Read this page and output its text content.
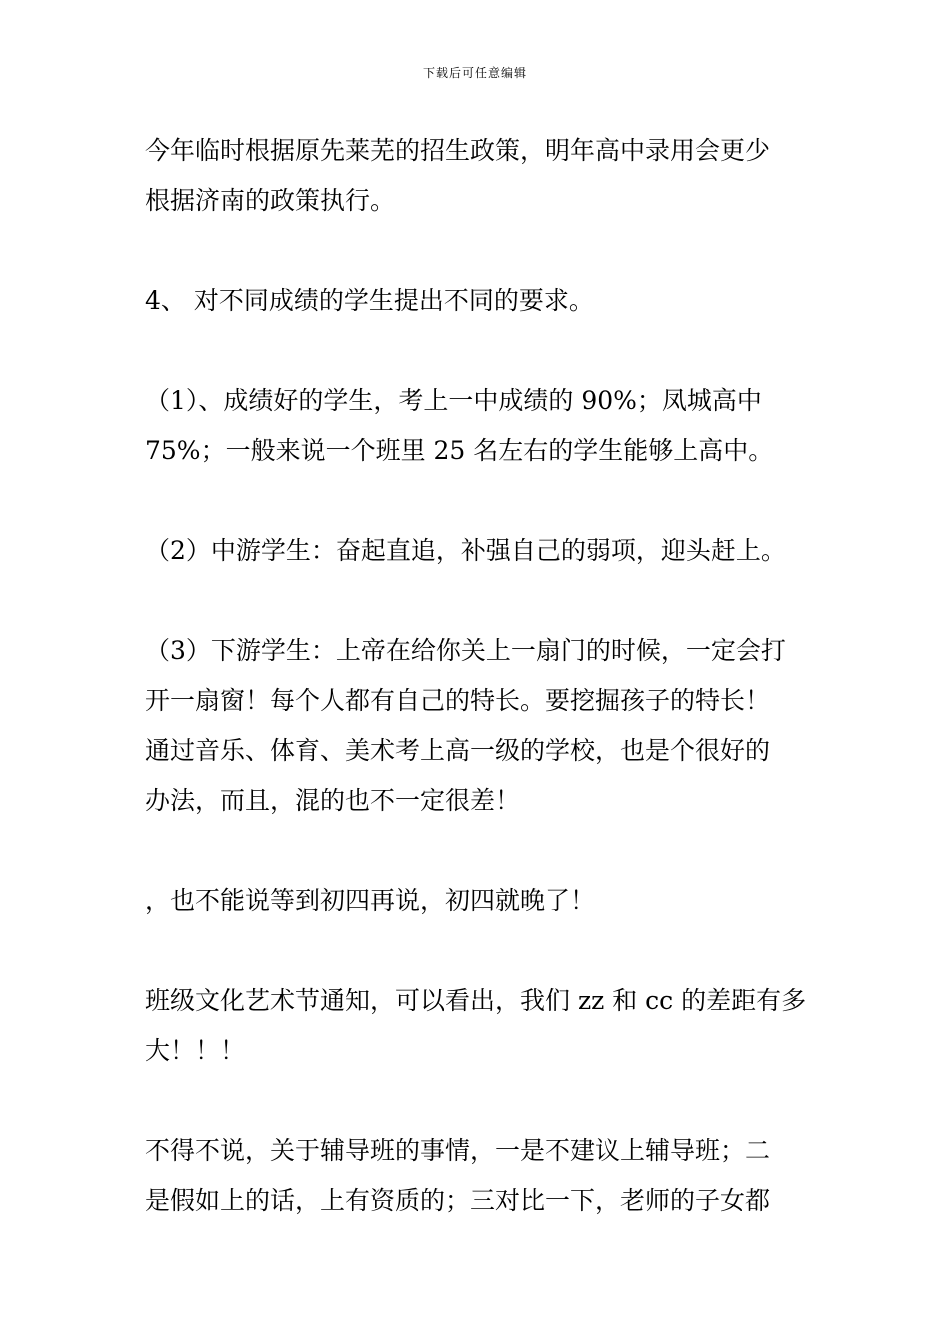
下载后可任意编辑

今年临时根据原先莱芜的招生政策，明年高中录用会更少
根据济南的政策执行。

4、 对不同成绩的学生提出不同的要求。

（1）、成绩好的学生，考上一中成绩的 90%；凤城高中
75%；一般来说一个班里 25 名左右的学生能够上高中。

（2）中游学生：奋起直追，补强自己的弱项，迎头赶上。

（3）下游学生：上帝在给你关上一扇门的时候，一定会打
开一扇窗！每个人都有自己的特长。要挖掘孩子的特长！
通过音乐、体育、美术考上高一级的学校，也是个很好的
办法，而且，混的也不一定很差！

，也不能说等到初四再说，初四就晚了！

班级文化艺术节通知，可以看出，我们 zz 和 cc 的差距有多
大！！！

不得不说，关于辅导班的事情，一是不建议上辅导班；二
是假如上的话，上有资质的；三对比一下，老师的子女都
